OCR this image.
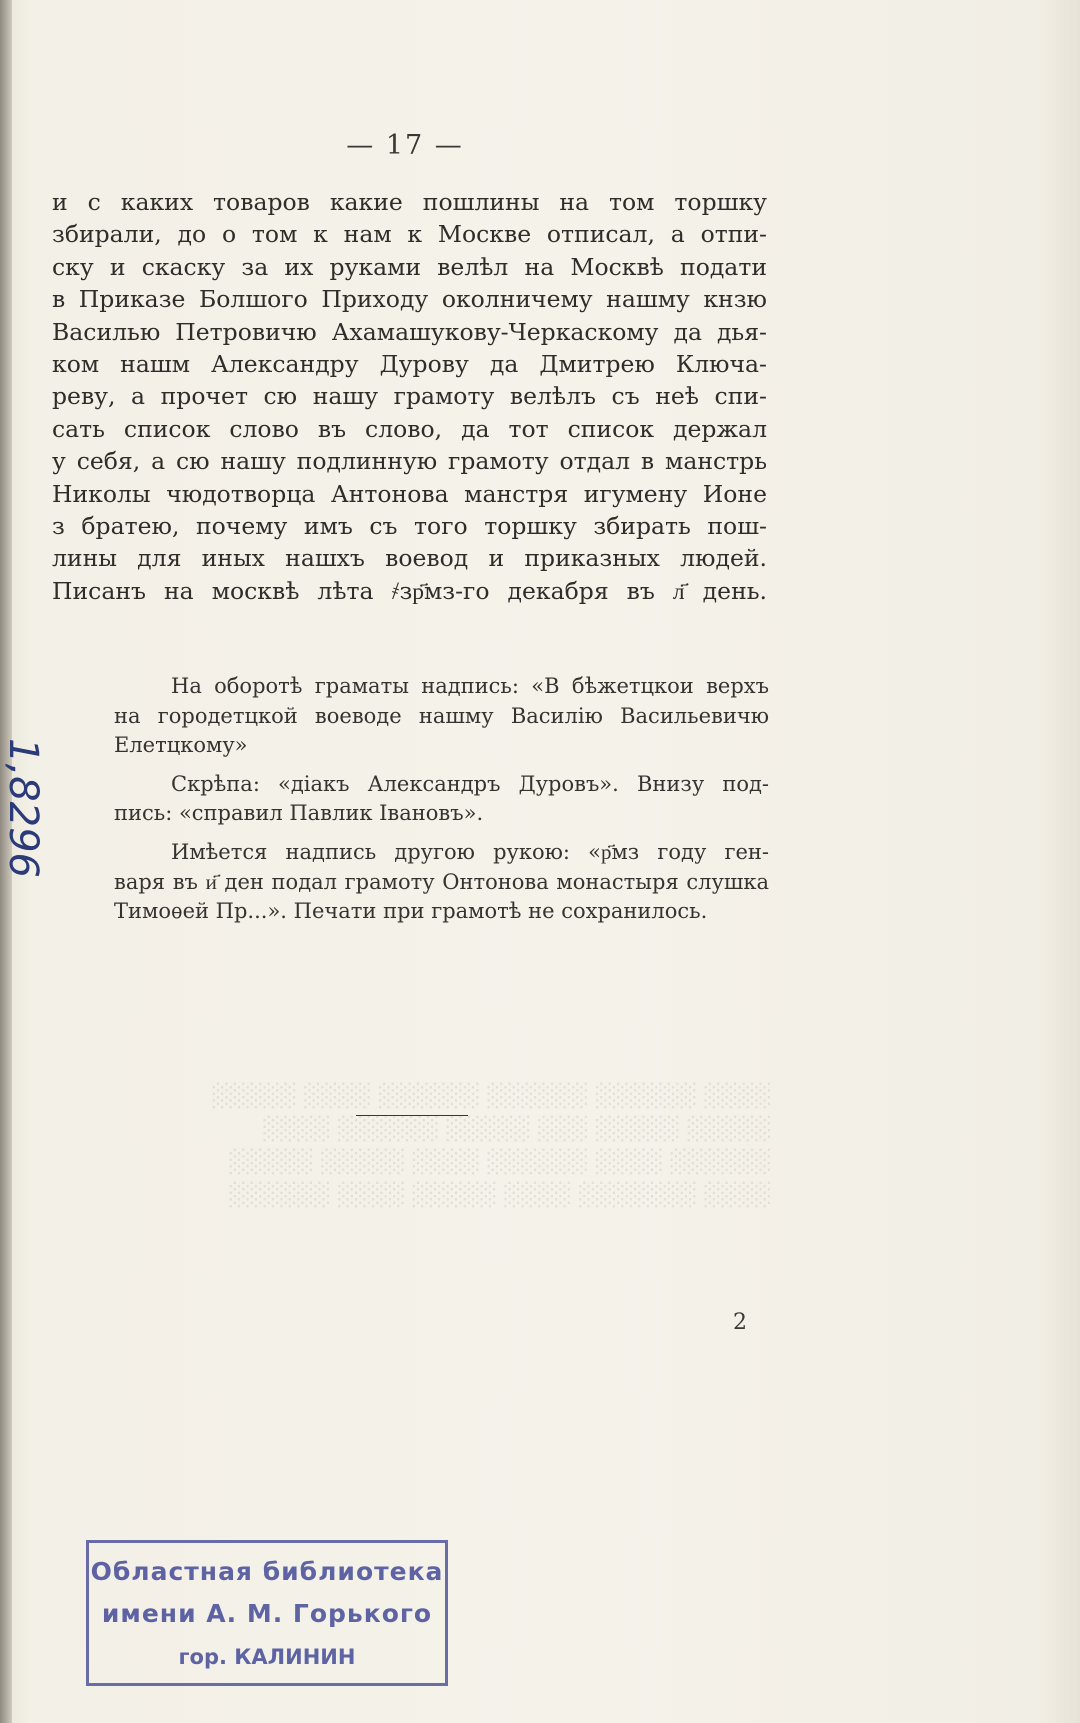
— 17 —
и с каких товаров какие пошлины на том торшку
збирали, до о том к нам к Москве отписал, а отпи-
ску и скаску за их руками велѣл на Москвѣ подати
в Приказе Болшого Приходу околничему нашму кнзю
Василью Петровичю Ахамашукову-Черкаскому да дья-
ком нашм Александру Дурову да Дмитрею Ключа-
реву, а прочет сю нашу грамоту велѣлъ съ неѣ спи-
сать список слово въ слово, да тот список держал
у себя, а сю нашу подлинную грамоту отдал в манстрь
Николы чюдотворца Антонова манстря игумену Ионе
з братею, почему имъ съ того торшку збирать пош-
лины для иных нашхъ воевод и приказных людей.
Писанъ на москвѣ лѣта ҂зр҃мз-го декабря въ л҃ день.
На оборотѣ граматы надпись: «В бѣжетцкои верхъ
на городетцкой воеводе нашму Василію Васильевичю
Елетцкому»
Скрѣпа: «діакъ Александръ Дуровъ». Внизу под-
пись: «справил Павлик Івановъ».
Имѣется надпись другою рукою: «р҃мз году ген-
варя въ и҃ ден подал грамоту Онтонова монастыря слушка
Тимоѳей Пр...». Печати при грамотѣ не сохранилось.
2
░░░░ ░░░░░░ ░░░░░░ ░░░░░░ ░░░░ ░░░░░
░░░░░ ░░░░░ ░░░ ░░░░░ ░░░░░░ ░░░░
░░░░░░ ░░░░ ░░░░░░ ░░░░ ░░░░░ ░░░░░
░░░░ ░░░░░░░ ░░░░ ░░░░░ ░░░░ ░░░░░░
1,8296
Областная библиотека
имени А. М. Горького
гор. КАЛИНИН
